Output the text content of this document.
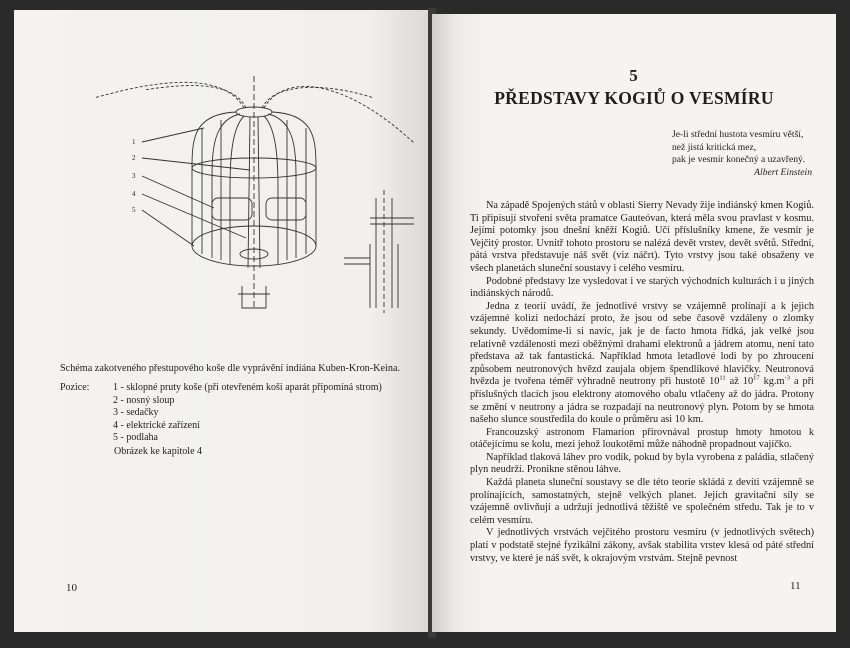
1
2
3
4
5
Schéma zakotveného přestupového koše dle vyprávění indiána Kuben-Kron-Keina.
Pozice:	1 - sklopné pruty koše (při otevřeném koši aparát připomíná strom)
2 - nosný sloup
3 - sedačky
4 - elektrické zařízení
5 - podlaha
Obrázek ke kapitole 4
10
5
PŘEDSTAVY KOGIŮ O VESMÍRU
Je-li střední hustota vesmíru větší,
než jistá kritická mez,
pak je vesmír konečný a uzavřený.
Albert Einstein

Na západě Spojených států v oblasti Sierry Nevady žije indiánský kmen Kogiů. Ti připisují stvoření světa pramatce Gauteóvan, která měla svou pravlast v kosmu. Jejími potomky jsou dnešní kněží Kogiů. Učí příslušníky kmene, že vesmír je Vejčitý prostor. Uvnitř tohoto prostoru se nalézá devět vrstev, devět světů. Střední, pátá vrstva představuje náš svět (viz náčrt). Tyto vrstvy jsou také obsaženy ve všech planetách sluneční soustavy i celého vesmíru.

Podobné představy lze vysledovat i ve starých východních kulturách i u jiných indiánských národů.

Jedna z teorií uvádí, že jednotlivé vrstvy se vzájemně prolínají a k jejich vzájemné kolizi nedochází proto, že jsou od sebe časově vzdáleny o zlomky sekundy. Uvědomíme-li si navíc, jak je de facto hmota řídká, jak velké jsou relativně vzdálenosti mezi oběžnými drahami elektronů a jádrem atomu, není tato představa až tak fantastická. Například hmota letadlové lodi by po zhroucení způsobem neutronových hvězd zaujala objem špendlíkové hlavičky. Neutronová hvězda je tvořena téměř výhradně neutrony při hustotě $10^{11}$ až $10^{17}$ $kg.m^{-3}$ a při příslušných tlacích jsou elektrony atomového obalu vtlačeny až do jádra. Protony se změní v neutrony a jádra se rozpadají na neutronový plyn. Potom by se hmota našeho slunce soustředila do koule o průměru asi 10 km.

Francouzský astronom Flamarion přirovnával prostup hmoty hmotou k otáčejícímu se kolu, mezi jehož loukotěmi může náhodně propadnout vajíčko.

Například tlaková láhev pro vodík, pokud by byla vyrobena z paládia, stlačený plyn neudrží. Pronikne stěnou láhve.

Každá planeta sluneční soustavy se dle této teorie skládá z devíti vzájemně se prolínajících, samostatných, stejně velkých planet. Jejich gravitační síly se vzájemně ovlivňují a udržují jednotlivá těžiště ve společném středu. Tak je to v celém vesmíru.

V jednotlivých vrstvách vejčitého prostoru vesmíru (v jednotlivých světech) platí v podstatě stejné fyzikální zákony, avšak stabilita vrstev klesá od páté střední vrstvy, ve které je náš svět, k okrajovým vrstvám. Stejně pevnost

11
